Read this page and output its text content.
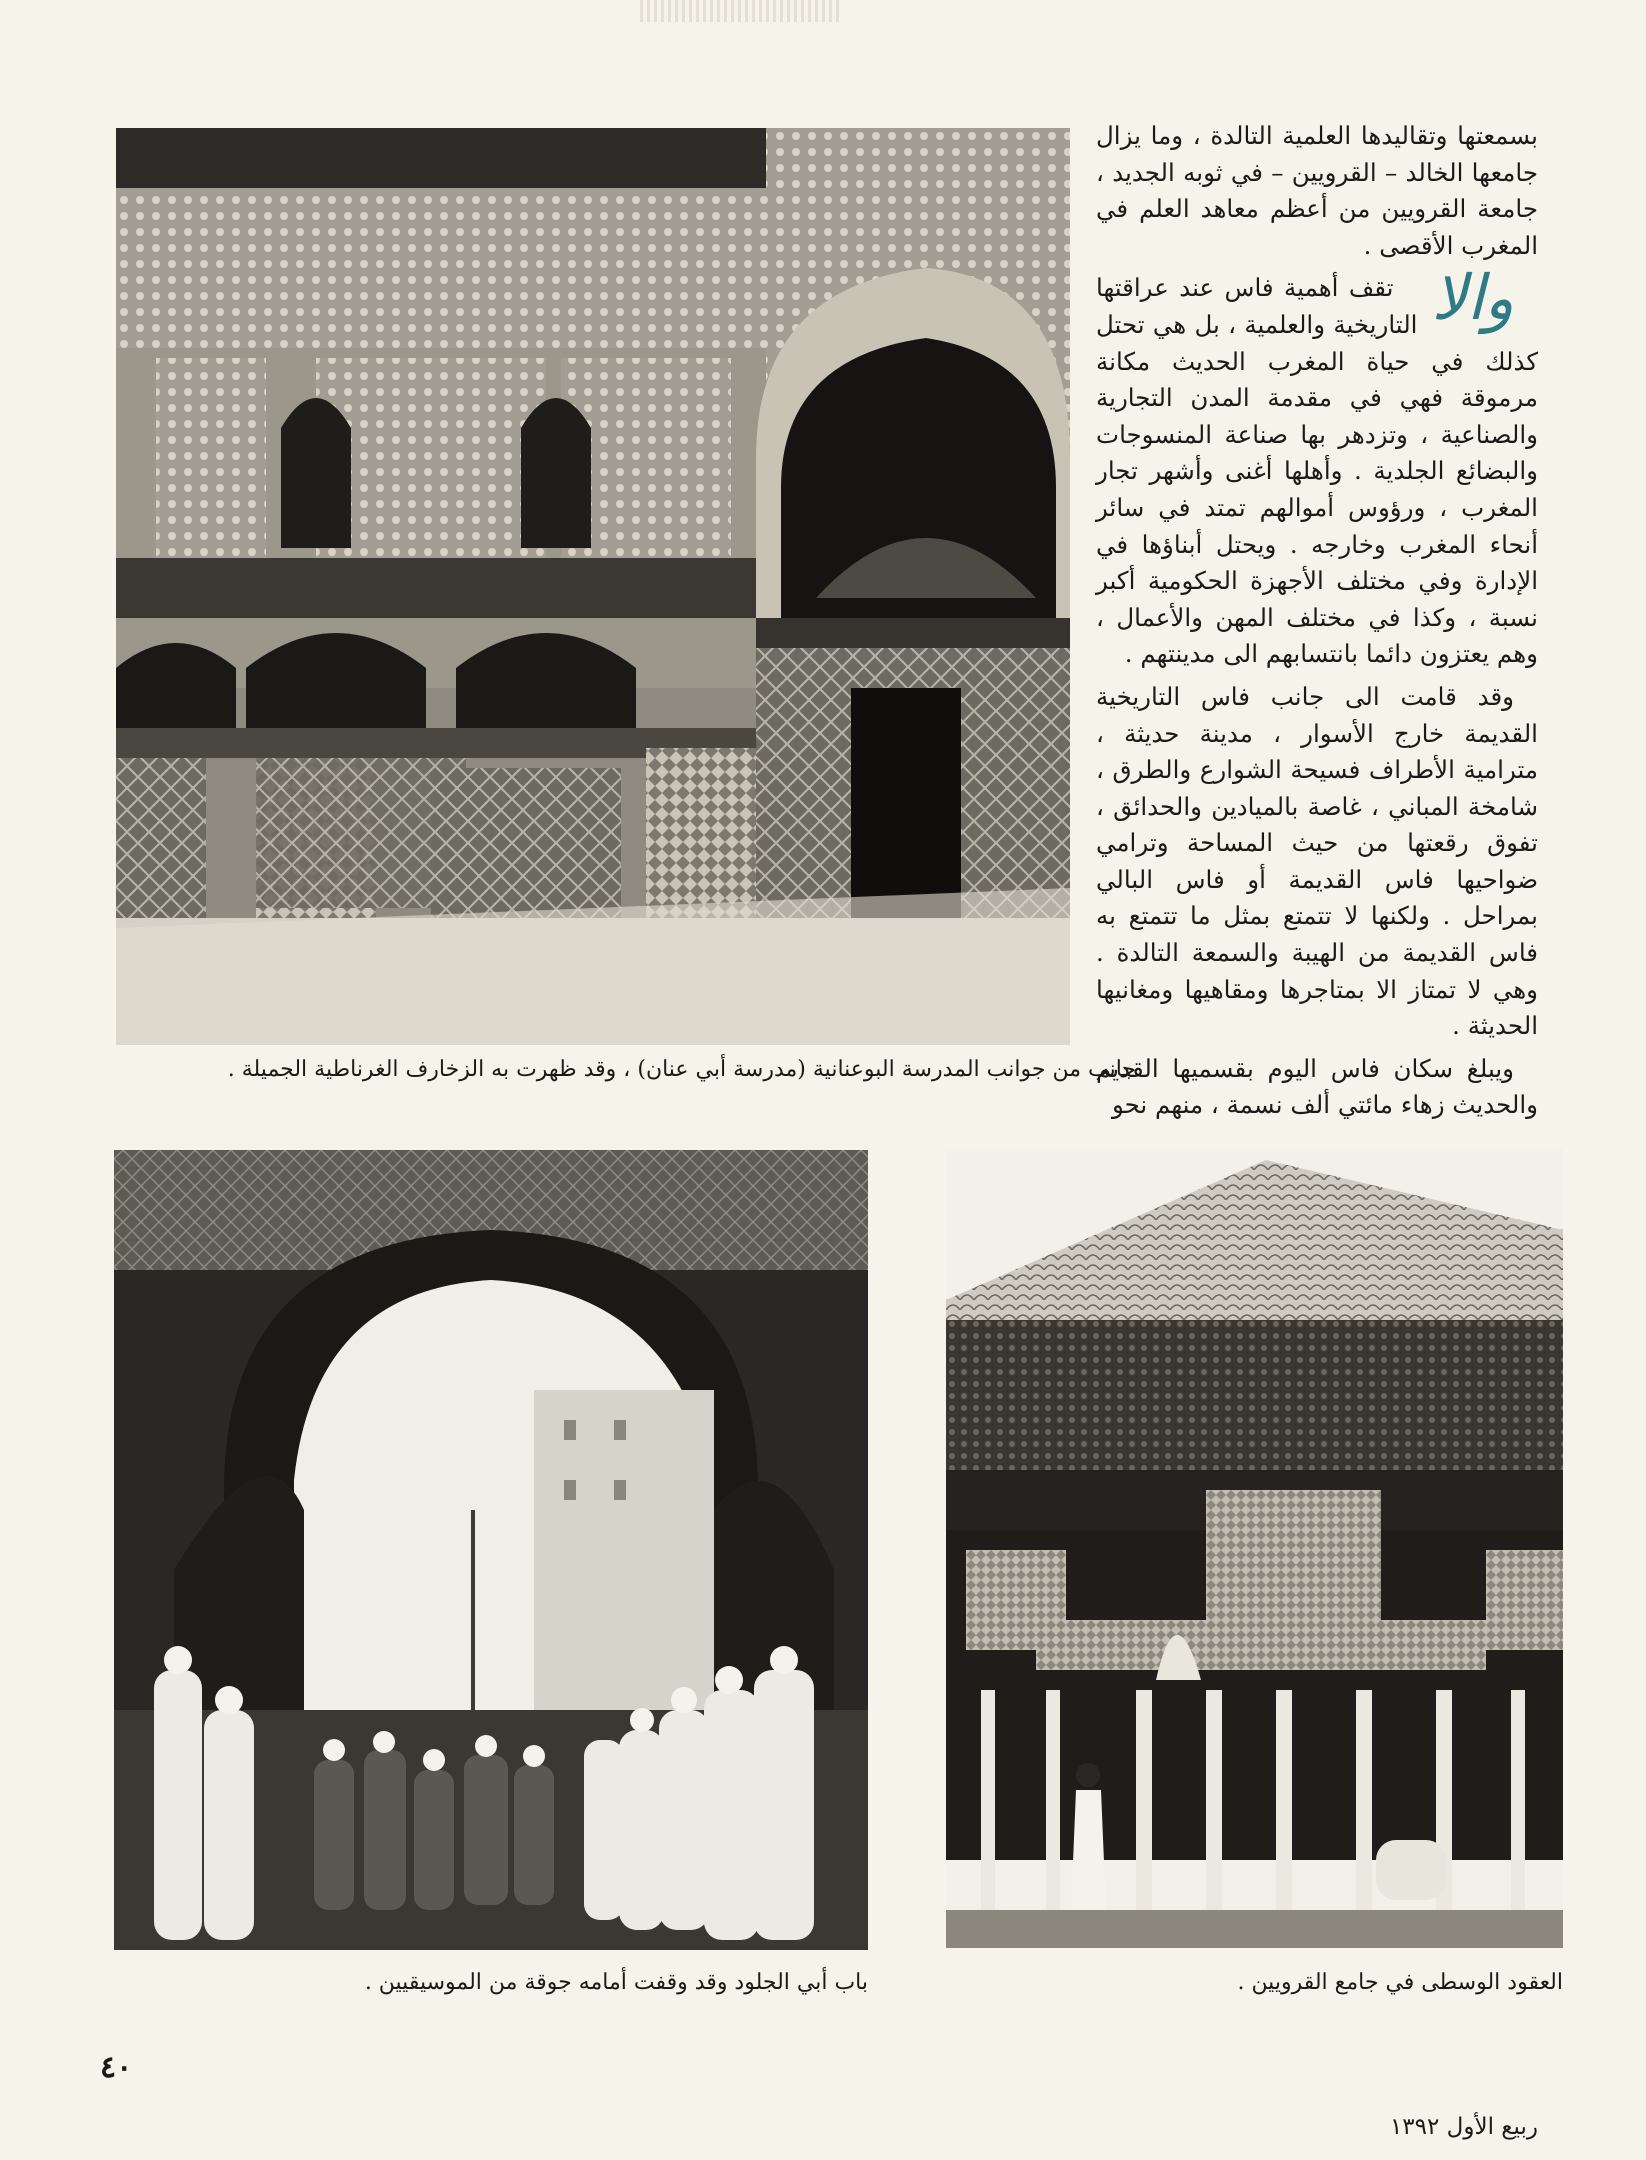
بسمعتها وتقاليدها العلمية التالدة ، وما يزال جامعها الخالد – القرويين – في ثوبه الجديد ، جامعة القرويين من أعظم معاهد العلم في المغرب الأقصى .

والا
تقف أهمية فاس عند عراقتها التاريخية والعلمية ، بل هي تحتل كذلك في حياة المغرب الحديث مكانة مرموقة فهي في مقدمة المدن التجارية والصناعية ، وتزدهر بها صناعة المنسوجات والبضائع الجلدية . وأهلها أغنى وأشهر تجار المغرب ، ورؤوس أموالهم تمتد في سائر أنحاء المغرب وخارجه . ويحتل أبناؤها في الإدارة وفي مختلف الأجهزة الحكومية أكبر نسبة ، وكذا في مختلف المهن والأعمال ، وهم يعتزون دائما بانتسابهم الى مدينتهم .

وقد قامت الى جانب فاس التاريخية القديمة خارج الأسوار ، مدينة حديثة ، مترامية الأطراف فسيحة الشوارع والطرق ، شامخة المباني ، غاصة بالميادين والحدائق ، تفوق رقعتها من حيث المساحة وترامي ضواحيها فاس القديمة أو فاس البالي بمراحل . ولكنها لا تتمتع بمثل ما تتمتع به فاس القديمة من الهيبة والسمعة التالدة . وهي لا تمتاز الا بمتاجرها ومقاهيها ومغانيها الحديثة .

ويبلغ سكان فاس اليوم بقسميها القديم والحديث زهاء مائتي ألف نسمة ، منهم نحو

جانب من جوانب المدرسة البوعنانية (مدرسة أبي عنان) ، وقد ظهرت به الزخارف الغرناطية الجميلة .
العقود الوسطى في جامع القرويين .
باب أبي الجلود وقد وقفت أمامه جوقة من الموسيقيين .
٤٠
ربيع الأول ١٣٩٢
